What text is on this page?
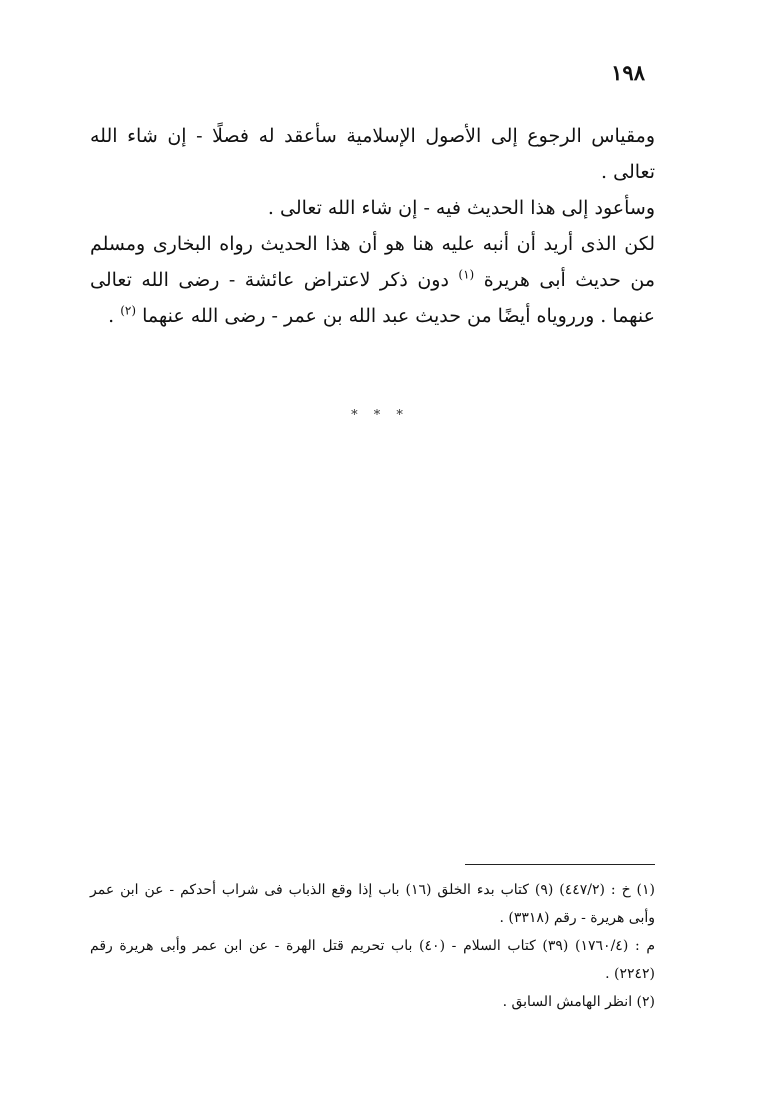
١٩٨

ومقياس الرجوع إلى الأصول الإسلامية سأعقد له فصلًا - إن شاء الله تعالى .

وسأعود إلى هذا الحديث فيه - إن شاء الله تعالى .

لكن الذى أريد أن أنبه عليه هنا هو أن هذا الحديث رواه البخارى ومسلم من حديث أبى هريرة $^{(١)}$ دون ذكر لاعتراض عائشة - رضى الله تعالى عنهما . ورروياه أيضًا من حديث عبد الله بن عمر - رضى الله عنهما $^{(٢)}$ .

* * *

(١) خ : (٤٤٧/٢) (٩) كتاب بدء الخلق (١٦) باب إذا وقع الذباب فى شراب أحدكم - عن ابن عمر وأبى هريرة - رقم (٣٣١٨) .

م : (١٧٦٠/٤) (٣٩) كتاب السلام - (٤٠) باب تحريم قتل الهرة - عن ابن عمر وأبى هريرة رقم (٢٢٤٢) .

(٢) انظر الهامش السابق .
